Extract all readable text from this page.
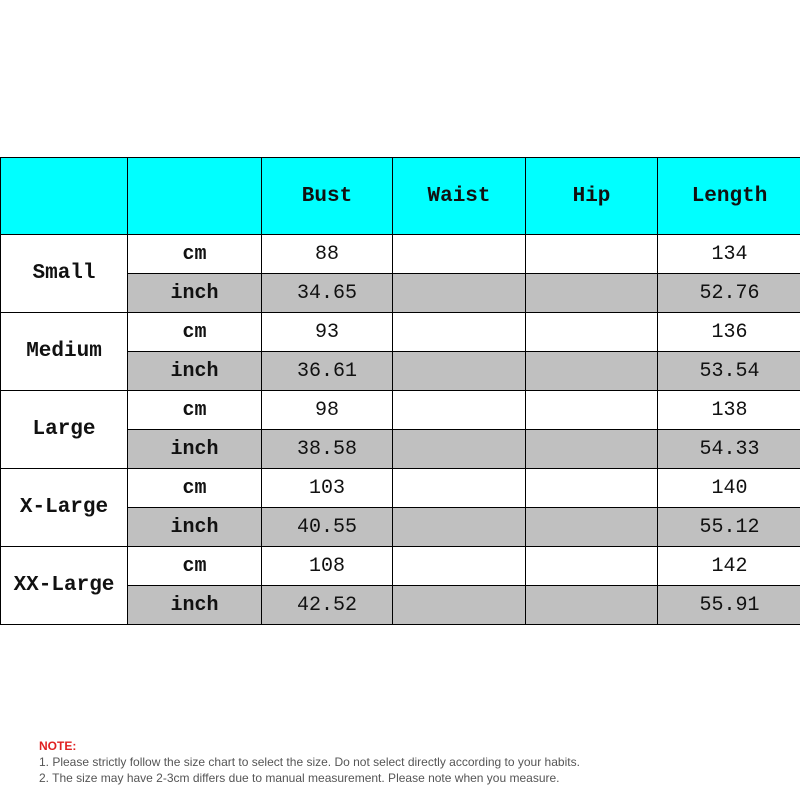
		Bust	Waist	Hip	Length
Small	cm	88			134
	inch	34.65			52.76
Medium	cm	93			136
	inch	36.61			53.54
Large	cm	98			138
	inch	38.58			54.33
X-Large	cm	103			140
	inch	40.55			55.12
XX-Large	cm	108			142
	inch	42.52			55.91
NOTE:
1. Please strictly follow the size chart to select the size. Do not select directly according to your habits.
2. The size may have 2-3cm differs due to manual measurement. Please note when you measure.
